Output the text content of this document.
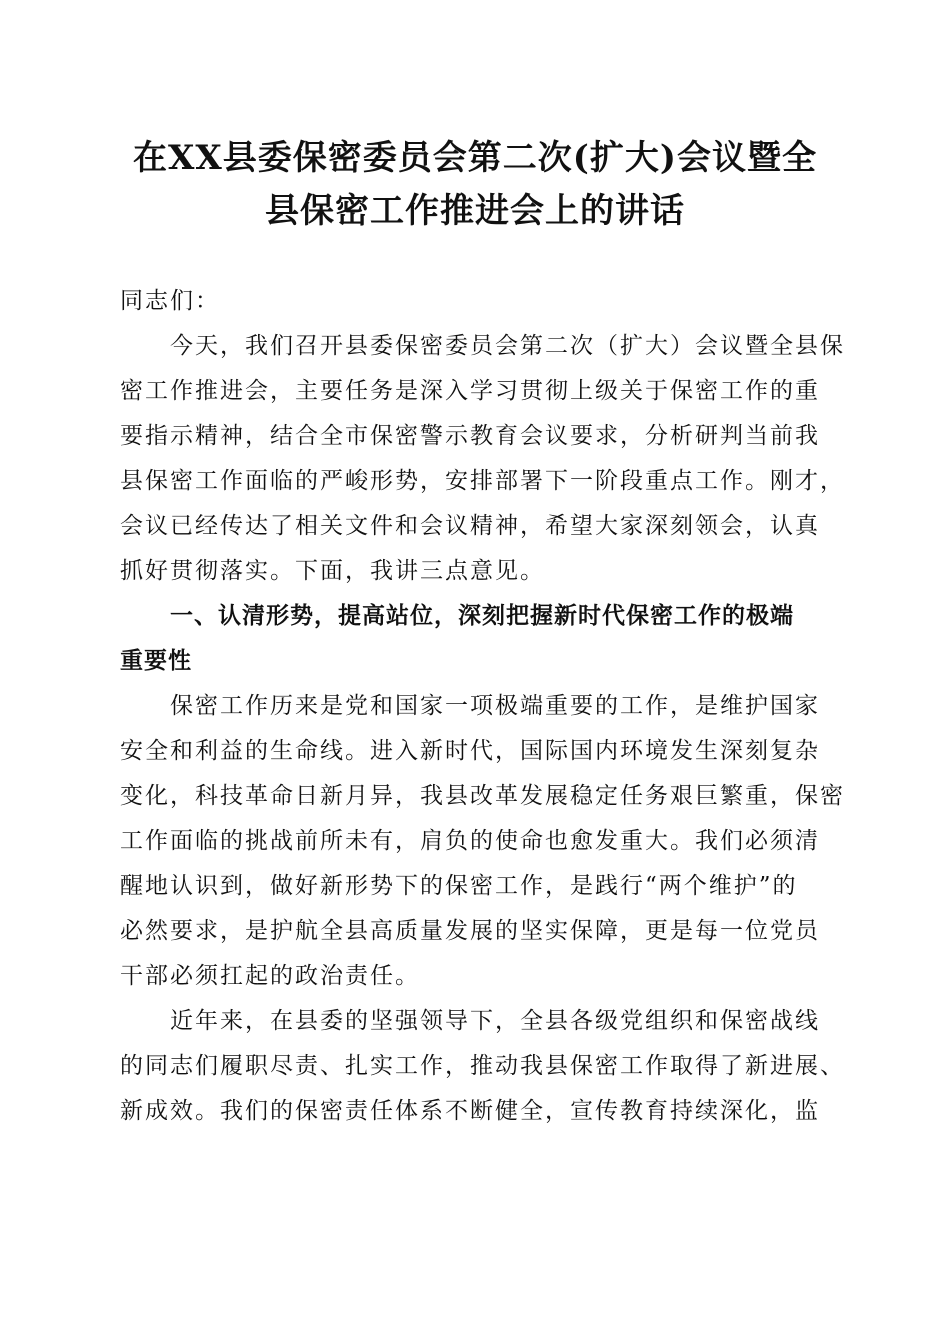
在XX县委保密委员会第二次(扩大)会议暨全
县保密工作推进会上的讲话
同志们：
今天，我们召开县委保密委员会第二次（扩大）会议暨全县保
密工作推进会，主要任务是深入学习贯彻上级关于保密工作的重
要指示精神，结合全市保密警示教育会议要求，分析研判当前我
县保密工作面临的严峻形势，安排部署下一阶段重点工作。刚才，
会议已经传达了相关文件和会议精神，希望大家深刻领会，认真
抓好贯彻落实。下面，我讲三点意见。
一、认清形势，提高站位，深刻把握新时代保密工作的极端
重要性
保密工作历来是党和国家一项极端重要的工作，是维护国家
安全和利益的生命线。进入新时代，国际国内环境发生深刻复杂
变化，科技革命日新月异，我县改革发展稳定任务艰巨繁重，保密
工作面临的挑战前所未有，肩负的使命也愈发重大。我们必须清
醒地认识到，做好新形势下的保密工作，是践行“两个维护”的
必然要求，是护航全县高质量发展的坚实保障，更是每一位党员
干部必须扛起的政治责任。
近年来，在县委的坚强领导下，全县各级党组织和保密战线
的同志们履职尽责、扎实工作，推动我县保密工作取得了新进展、
新成效。我们的保密责任体系不断健全，宣传教育持续深化，监
